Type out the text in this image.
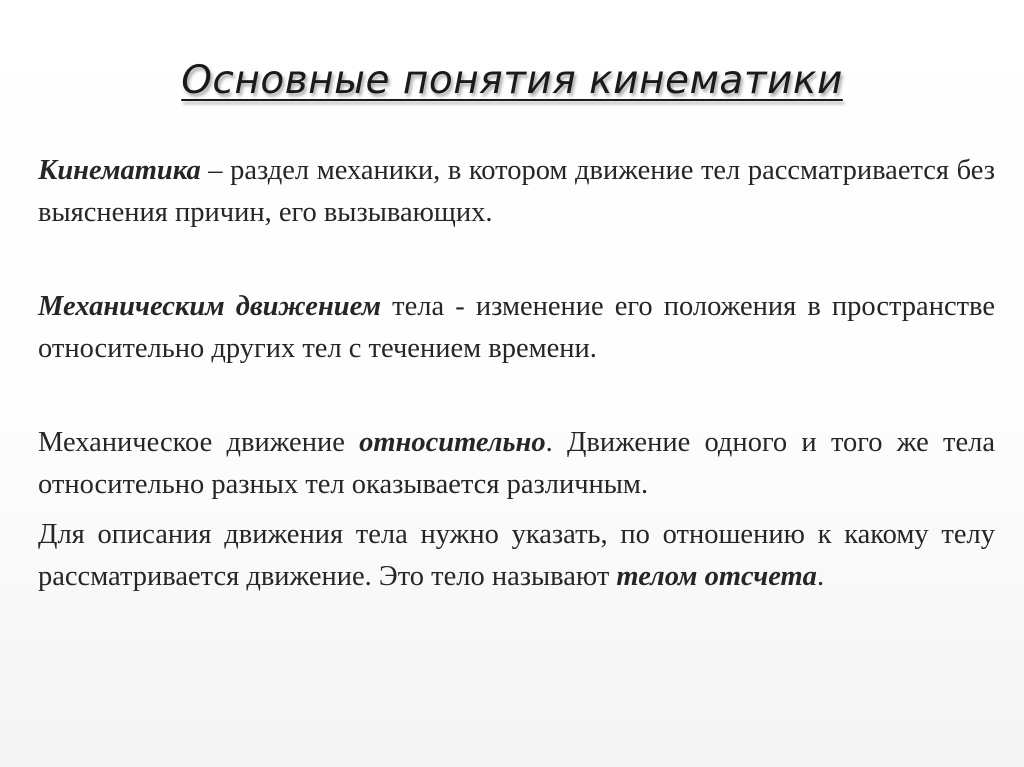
Основные понятия кинематики

Кинематика – раздел механики, в котором движение тел рассматривается без выяснения причин, его вызывающих.

Механическим движением тела - изменение его положения в пространстве относительно других тел с течением времени.

Механическое движение относительно. Движение одного и того же тела относительно разных тел оказывается различным.

Для описания движения тела нужно указать, по отношению к какому телу рассматривается движение. Это тело называют телом отсчета.
